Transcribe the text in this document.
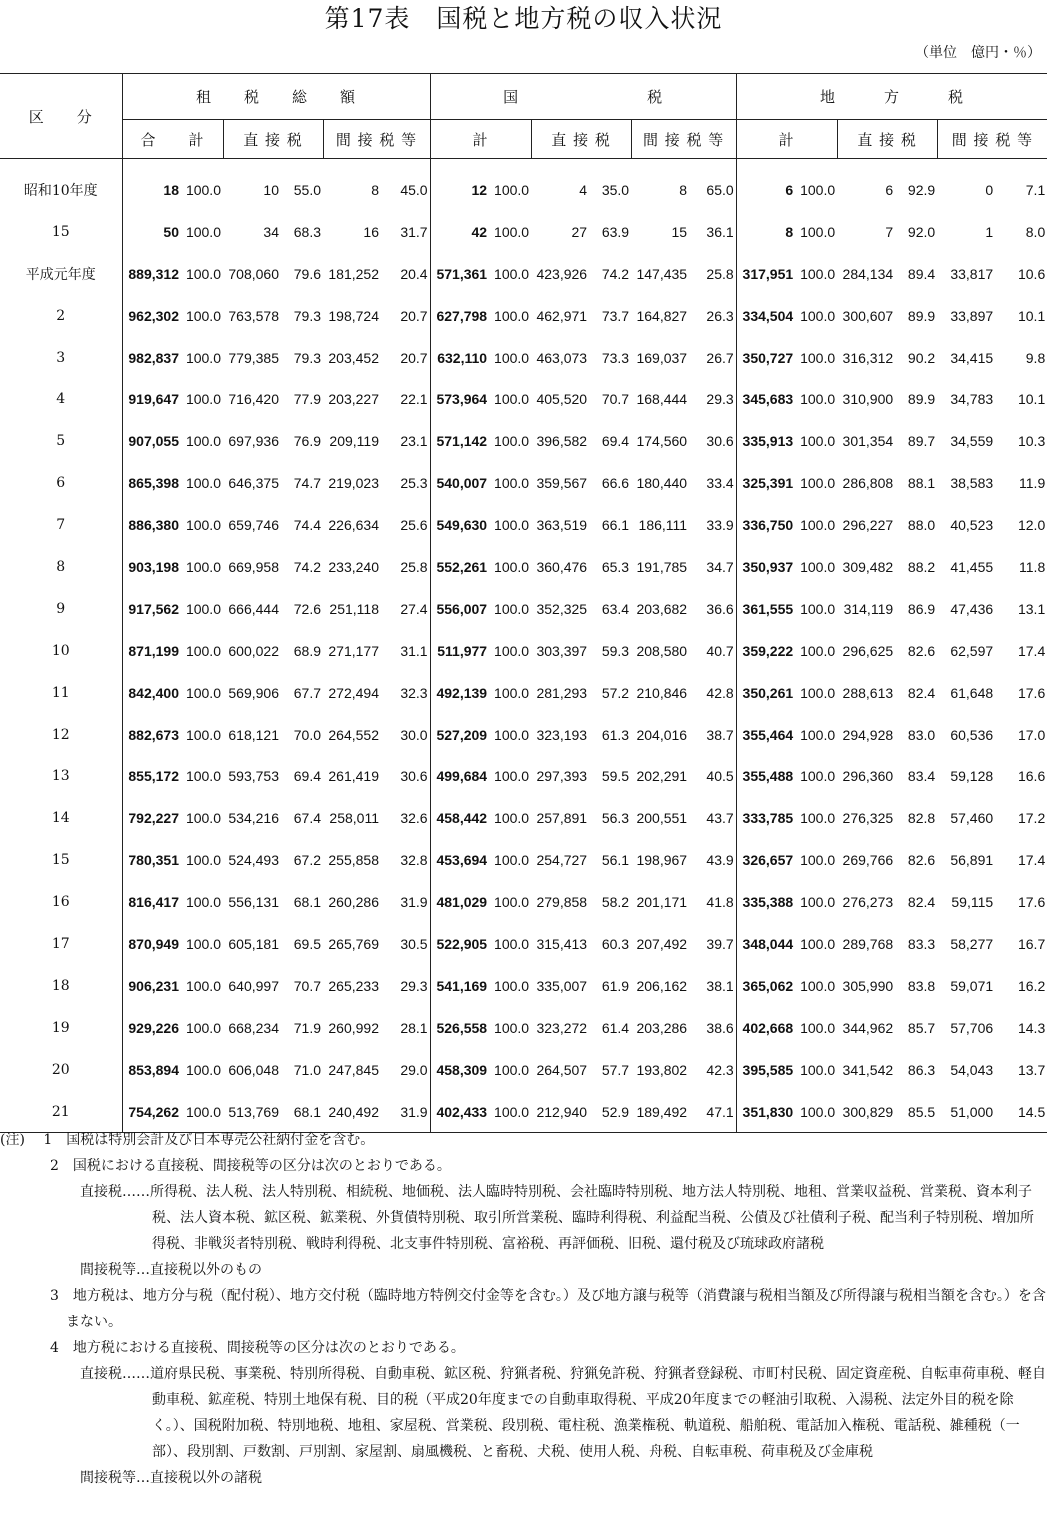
第17表　国税と地方税の収入状況
（単位　億円・％）
区　　分	租　　税　　総　　額						国　　　　　　　　税						地　　　方　　　税					
	合　　計		直 接 税		間 接 税 等		計		直 接 税		間 接 税 等		計		直 接 税		間 接 税 等	
昭和10年度	18	100.0	10	55.0	8	45.0	12	100.0	4	35.0	8	65.0	6	100.0	6	92.9	0	7.1
15	50	100.0	34	68.3	16	31.7	42	100.0	27	63.9	15	36.1	8	100.0	7	92.0	1	8.0
平成元年度	889,312	100.0	708,060	79.6	181,252	20.4	571,361	100.0	423,926	74.2	147,435	25.8	317,951	100.0	284,134	89.4	33,817	10.6
2	962,302	100.0	763,578	79.3	198,724	20.7	627,798	100.0	462,971	73.7	164,827	26.3	334,504	100.0	300,607	89.9	33,897	10.1
3	982,837	100.0	779,385	79.3	203,452	20.7	632,110	100.0	463,073	73.3	169,037	26.7	350,727	100.0	316,312	90.2	34,415	9.8
4	919,647	100.0	716,420	77.9	203,227	22.1	573,964	100.0	405,520	70.7	168,444	29.3	345,683	100.0	310,900	89.9	34,783	10.1
5	907,055	100.0	697,936	76.9	209,119	23.1	571,142	100.0	396,582	69.4	174,560	30.6	335,913	100.0	301,354	89.7	34,559	10.3
6	865,398	100.0	646,375	74.7	219,023	25.3	540,007	100.0	359,567	66.6	180,440	33.4	325,391	100.0	286,808	88.1	38,583	11.9
7	886,380	100.0	659,746	74.4	226,634	25.6	549,630	100.0	363,519	66.1	186,111	33.9	336,750	100.0	296,227	88.0	40,523	12.0
8	903,198	100.0	669,958	74.2	233,240	25.8	552,261	100.0	360,476	65.3	191,785	34.7	350,937	100.0	309,482	88.2	41,455	11.8
9	917,562	100.0	666,444	72.6	251,118	27.4	556,007	100.0	352,325	63.4	203,682	36.6	361,555	100.0	314,119	86.9	47,436	13.1
10	871,199	100.0	600,022	68.9	271,177	31.1	511,977	100.0	303,397	59.3	208,580	40.7	359,222	100.0	296,625	82.6	62,597	17.4
11	842,400	100.0	569,906	67.7	272,494	32.3	492,139	100.0	281,293	57.2	210,846	42.8	350,261	100.0	288,613	82.4	61,648	17.6
12	882,673	100.0	618,121	70.0	264,552	30.0	527,209	100.0	323,193	61.3	204,016	38.7	355,464	100.0	294,928	83.0	60,536	17.0
13	855,172	100.0	593,753	69.4	261,419	30.6	499,684	100.0	297,393	59.5	202,291	40.5	355,488	100.0	296,360	83.4	59,128	16.6
14	792,227	100.0	534,216	67.4	258,011	32.6	458,442	100.0	257,891	56.3	200,551	43.7	333,785	100.0	276,325	82.8	57,460	17.2
15	780,351	100.0	524,493	67.2	255,858	32.8	453,694	100.0	254,727	56.1	198,967	43.9	326,657	100.0	269,766	82.6	56,891	17.4
16	816,417	100.0	556,131	68.1	260,286	31.9	481,029	100.0	279,858	58.2	201,171	41.8	335,388	100.0	276,273	82.4	59,115	17.6
17	870,949	100.0	605,181	69.5	265,769	30.5	522,905	100.0	315,413	60.3	207,492	39.7	348,044	100.0	289,768	83.3	58,277	16.7
18	906,231	100.0	640,997	70.7	265,233	29.3	541,169	100.0	335,007	61.9	206,162	38.1	365,062	100.0	305,990	83.8	59,071	16.2
19	929,226	100.0	668,234	71.9	260,992	28.1	526,558	100.0	323,272	61.4	203,286	38.6	402,668	100.0	344,962	85.7	57,706	14.3
20	853,894	100.0	606,048	71.0	247,845	29.0	458,309	100.0	264,507	57.7	193,802	42.3	395,585	100.0	341,542	86.3	54,043	13.7
21	754,262	100.0	513,769	68.1	240,492	31.9	402,433	100.0	212,940	52.9	189,492	47.1	351,830	100.0	300,829	85.5	51,000	14.5
(注)　 1　国税は特別会計及び日本専売公社納付金を含む。
2　国税における直接税、間接税等の区分は次のとおりである。
直接税……所得税、法人税、法人特別税、相続税、地価税、法人臨時特別税、会社臨時特別税、地方法人特別税、地租、営業収益税、営業税、資本利子税、法人資本税、鉱区税、鉱業税、外貨債特別税、取引所営業税、臨時利得税、利益配当税、公債及び社債利子税、配当利子特別税、増加所得税、非戦災者特別税、戦時利得税、北支事件特別税、富裕税、再評価税、旧税、還付税及び琉球政府諸税
間接税等…直接税以外のもの
3　地方税は、地方分与税（配付税）、地方交付税（臨時地方特例交付金等を含む。）及び地方譲与税等（消費譲与税相当額及び所得譲与税相当額を含む。）を含まない。
4　地方税における直接税、間接税等の区分は次のとおりである。
直接税……道府県民税、事業税、特別所得税、自動車税、鉱区税、狩猟者税、狩猟免許税、狩猟者登録税、市町村民税、固定資産税、自転車荷車税、軽自動車税、鉱産税、特別土地保有税、目的税（平成20年度までの自動車取得税、平成20年度までの軽油引取税、入湯税、法定外目的税を除く。）、国税附加税、特別地税、地租、家屋税、営業税、段別税、電柱税、漁業権税、軌道税、船舶税、電話加入権税、電話税、雑種税（一部）、段別割、戸数割、戸別割、家屋割、扇風機税、と畜税、犬税、使用人税、舟税、自転車税、荷車税及び金庫税
間接税等…直接税以外の諸税
